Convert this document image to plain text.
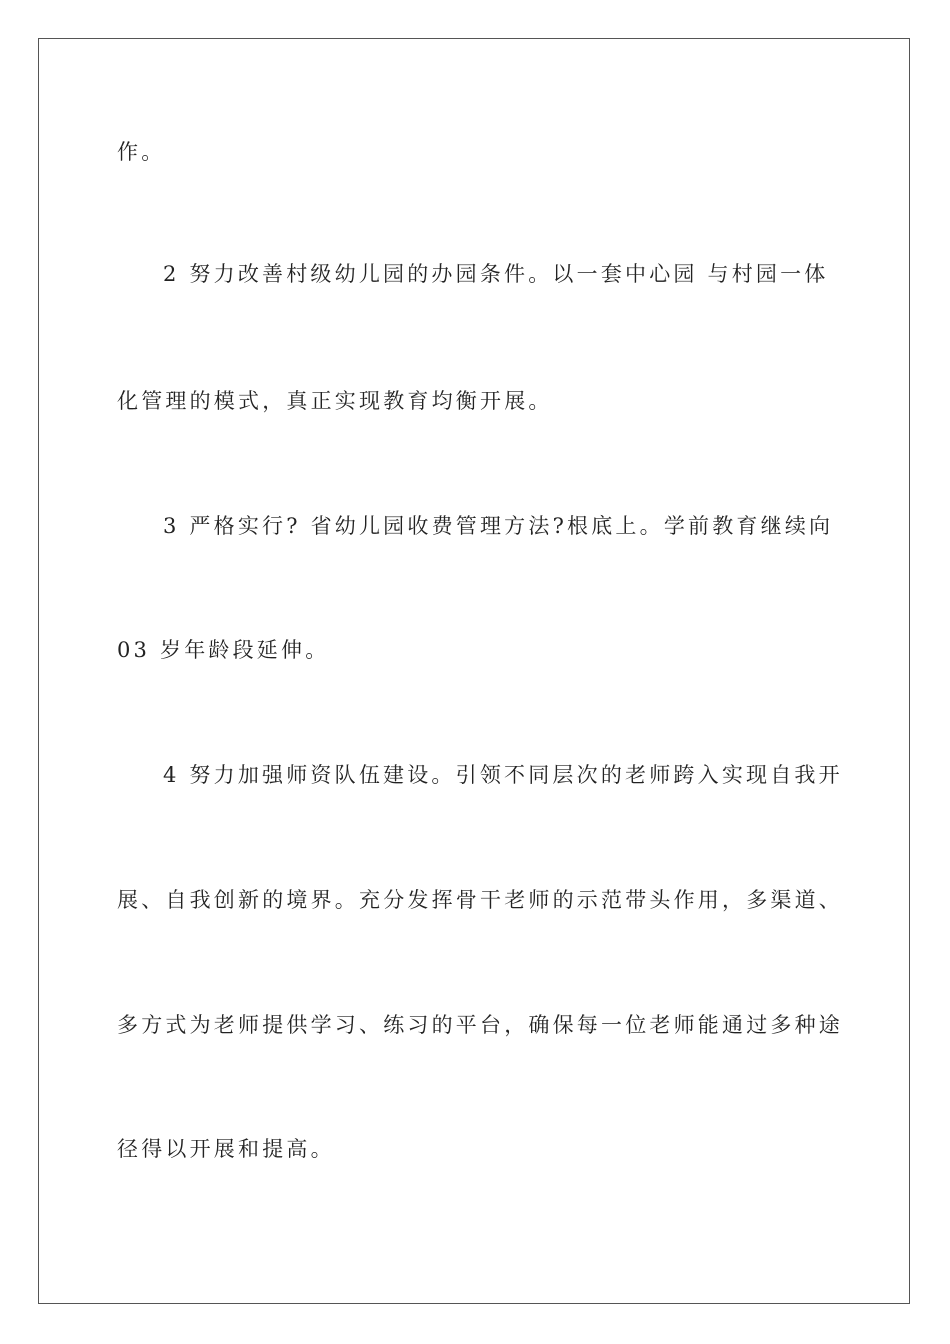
作。
2 努力改善村级幼儿园的办园条件。以一套中心园 与村园一体
化管理的模式，真正实现教育均衡开展。
3 严格实行? 省幼儿园收费管理方法?根底上。学前教育继续向
03 岁年龄段延伸。
4 努力加强师资队伍建设。引领不同层次的老师跨入实现自我开
展、自我创新的境界。充分发挥骨干老师的示范带头作用，多渠道、
多方式为老师提供学习、练习的平台，确保每一位老师能通过多种途
径得以开展和提高。
